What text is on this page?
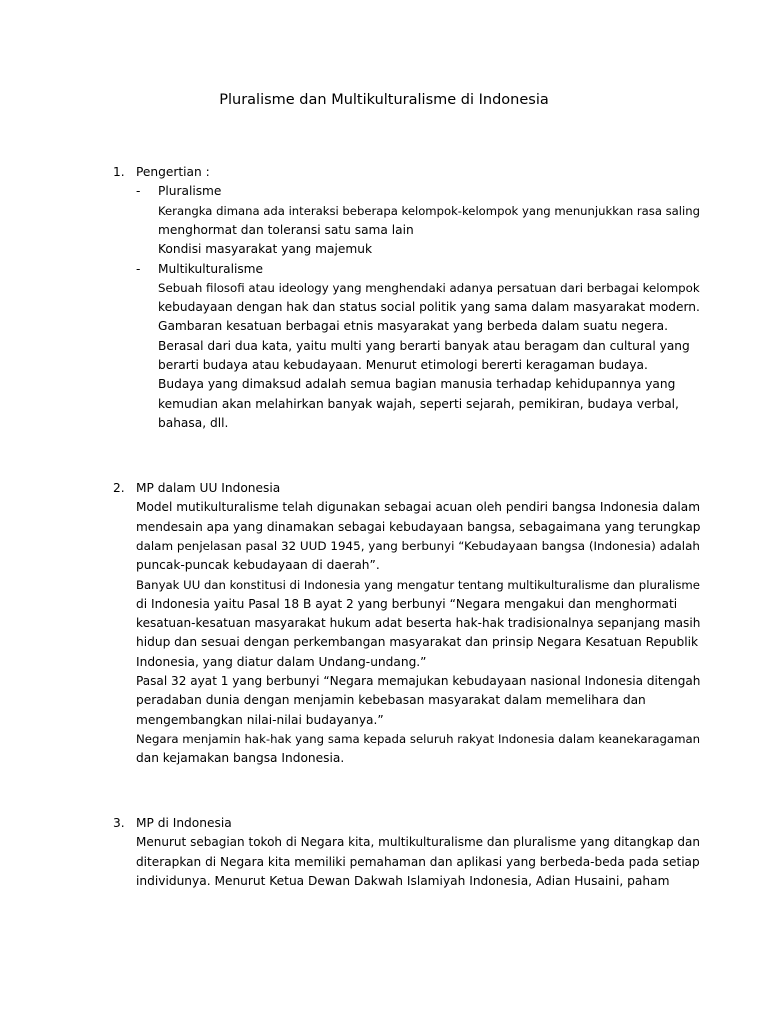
Pluralisme dan Multikulturalisme di Indonesia
1. Pengertian :
- Pluralisme
Kerangka dimana ada interaksi beberapa kelompok-kelompok yang menunjukkan rasa saling
menghormat dan toleransi satu sama lain
Kondisi masyarakat yang majemuk
- Multikulturalisme
Sebuah filosofi atau ideology yang menghendaki adanya persatuan dari berbagai kelompok
kebudayaan dengan hak dan status social politik yang sama dalam masyarakat modern.
Gambaran kesatuan berbagai etnis masyarakat yang berbeda dalam suatu negera.
Berasal dari dua kata, yaitu multi yang berarti banyak atau beragam dan cultural yang
berarti budaya atau kebudayaan. Menurut etimologi bererti keragaman budaya.
Budaya yang dimaksud adalah semua bagian manusia terhadap kehidupannya yang
kemudian akan melahirkan banyak wajah, seperti sejarah, pemikiran, budaya verbal,
bahasa, dll.
2. MP dalam UU Indonesia
Model mutikulturalisme telah digunakan sebagai acuan oleh pendiri bangsa Indonesia dalam
mendesain apa yang dinamakan sebagai kebudayaan bangsa, sebagaimana yang terungkap
dalam penjelasan pasal 32 UUD 1945, yang berbunyi “Kebudayaan bangsa (Indonesia) adalah
puncak-puncak kebudayaan di daerah”.
Banyak UU dan konstitusi di Indonesia yang mengatur tentang multikulturalisme dan pluralisme
di Indonesia yaitu Pasal 18 B ayat 2 yang berbunyi “Negara mengakui dan menghormati
kesatuan-kesatuan masyarakat hukum adat beserta hak-hak tradisionalnya sepanjang masih
hidup dan sesuai dengan perkembangan masyarakat dan prinsip Negara Kesatuan Republik
Indonesia, yang diatur dalam Undang-undang.”
Pasal 32 ayat 1 yang berbunyi “Negara memajukan kebudayaan nasional Indonesia ditengah
peradaban dunia dengan menjamin kebebasan masyarakat dalam memelihara dan
mengembangkan nilai-nilai budayanya.”
Negara menjamin hak-hak yang sama kepada seluruh rakyat Indonesia dalam keanekaragaman
dan kejamakan bangsa Indonesia.
3. MP di Indonesia
Menurut sebagian tokoh di Negara kita, multikulturalisme dan pluralisme yang ditangkap dan
diterapkan di Negara kita memiliki pemahaman dan aplikasi yang berbeda-beda pada setiap
individunya. Menurut Ketua Dewan Dakwah Islamiyah Indonesia, Adian Husaini, paham
